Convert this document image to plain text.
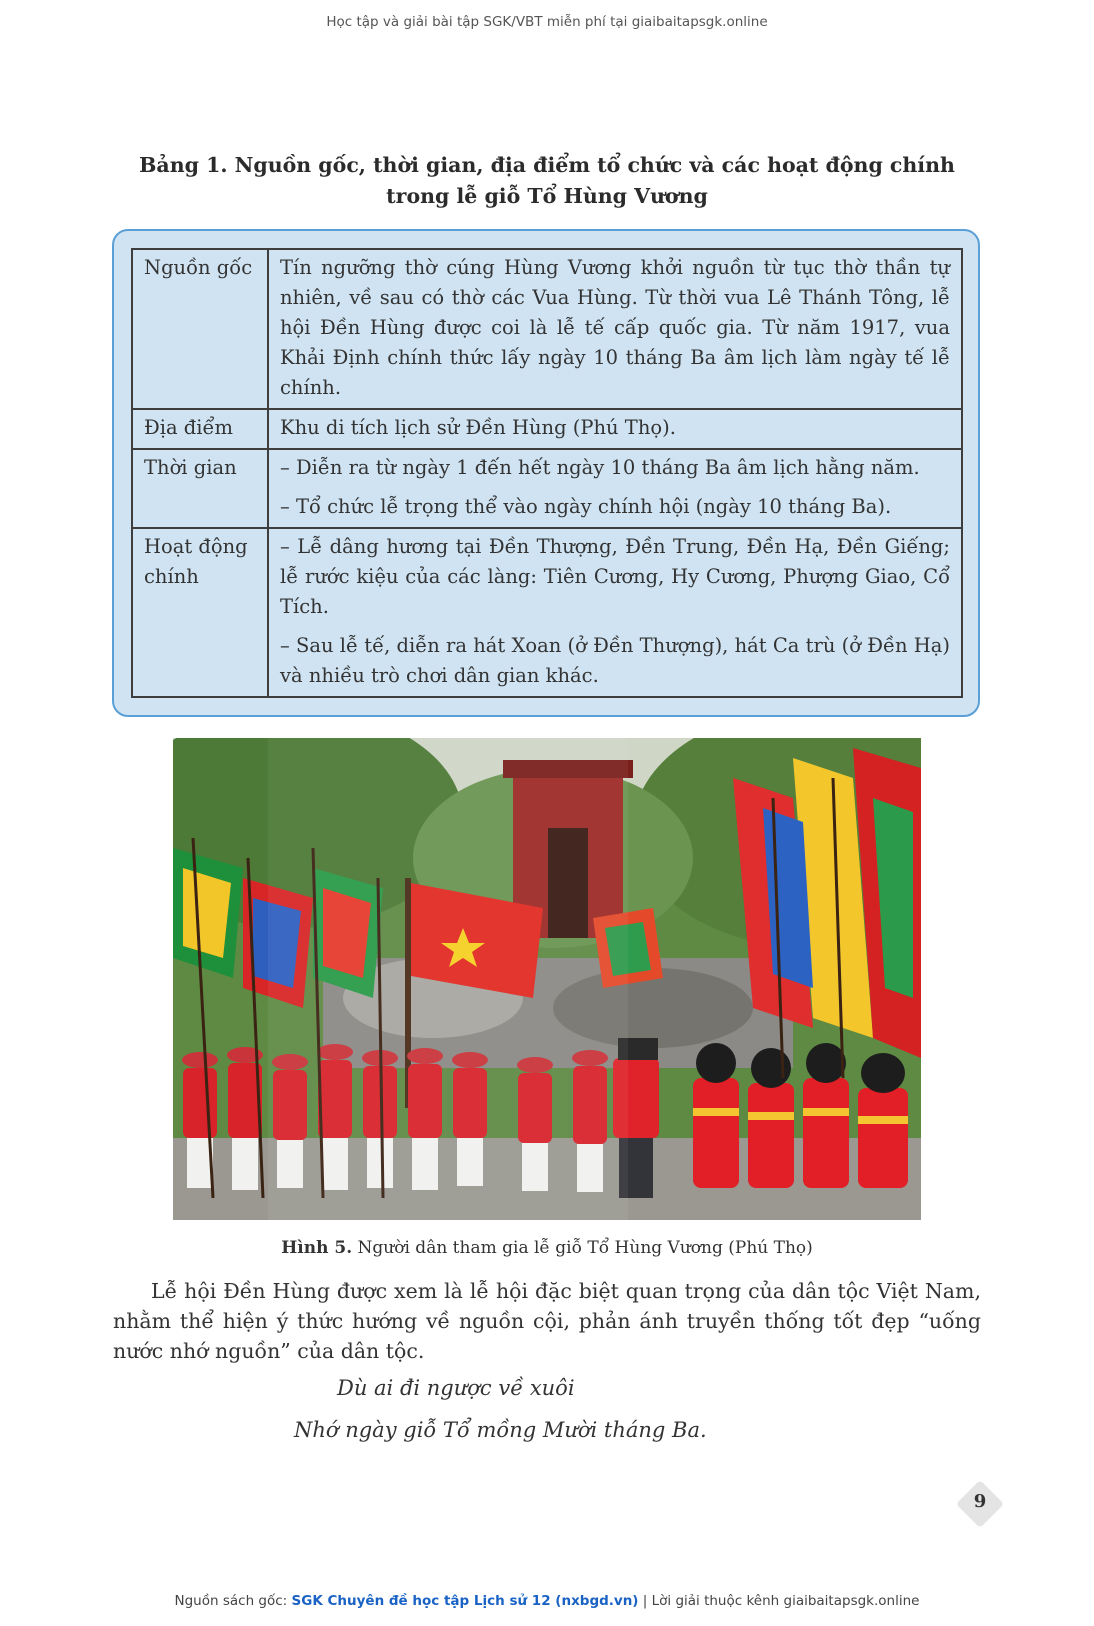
Học tập và giải bài tập SGK/VBT miễn phí tại giaibaitapsgk.online
Bảng 1. Nguồn gốc, thời gian, địa điểm tổ chức và các hoạt động chính
trong lễ giỗ Tổ Hùng Vương
Nguồn gốc	Tín ngưỡng thờ cúng Hùng Vương khởi nguồn từ tục thờ thần tự nhiên, về sau có thờ các Vua Hùng. Từ thời vua Lê Thánh Tông, lễ hội Đền Hùng được coi là lễ tế cấp quốc gia. Từ năm 1917, vua Khải Định chính thức lấy ngày 10 tháng Ba âm lịch làm ngày tế lễ chính.

Địa điểm	Khu di tích lịch sử Đền Hùng (Phú Thọ).

Thời gian	– Diễn ra từ ngày 1 đến hết ngày 10 tháng Ba âm lịch hằng năm.

– Tổ chức lễ trọng thể vào ngày chính hội (ngày 10 tháng Ba).

Hoạt động chính	– Lễ dâng hương tại Đền Thượng, Đền Trung, Đền Hạ, Đền Giếng; lễ rước kiệu của các làng: Tiên Cương, Hy Cương, Phượng Giao, Cổ Tích.

– Sau lễ tế, diễn ra hát Xoan (ở Đền Thượng), hát Ca trù (ở Đền Hạ) và nhiều trò chơi dân gian khác.

Hình 5. Người dân tham gia lễ giỗ Tổ Hùng Vương (Phú Thọ)

Lễ hội Đền Hùng được xem là lễ hội đặc biệt quan trọng của dân tộc Việt Nam, nhằm thể hiện ý thức hướng về nguồn cội, phản ánh truyền thống tốt đẹp “uống nước nhớ nguồn” của dân tộc.

Dù ai đi ngược về xuôi
Nhớ ngày giỗ Tổ mồng Mười tháng Ba.
9
Nguồn sách gốc: SGK Chuyên đề học tập Lịch sử 12 (nxbgd.vn) | Lời giải thuộc kênh giaibaitapsgk.online
